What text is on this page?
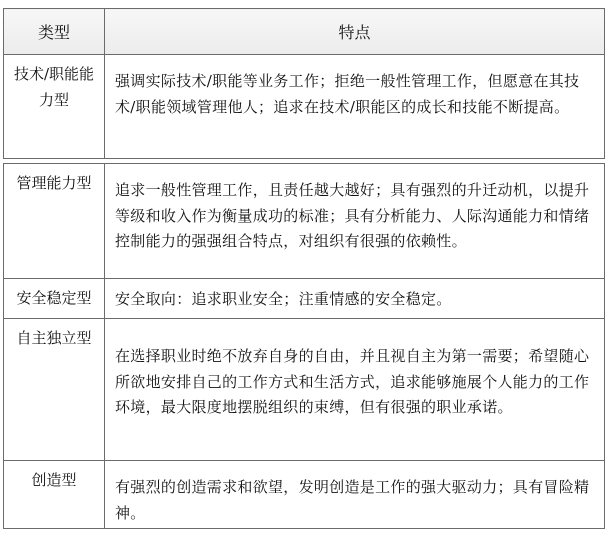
类型	特点
技术/职能能力型	强调实际技术/职能等业务工作；拒绝一般性管理工作，但愿意在其技术/职能领域管理他人；追求在技术/职能区的成长和技能不断提高。

管理能力型	追求一般性管理工作，且责任越大越好；具有强烈的升迁动机，以提升等级和收入作为衡量成功的标准；具有分析能力、人际沟通能力和情绪控制能力的强强组合特点，对组织有很强的依赖性。
安全稳定型	安全取向：追求职业安全；注重情感的安全稳定。
自主独立型	在选择职业时绝不放弃自身的自由，并且视自主为第一需要；希望随心所欲地安排自己的工作方式和生活方式，追求能够施展个人能力的工作环境，最大限度地摆脱组织的束缚，但有很强的职业承诺。
创造型	有强烈的创造需求和欲望，发明创造是工作的强大驱动力；具有冒险精神。
